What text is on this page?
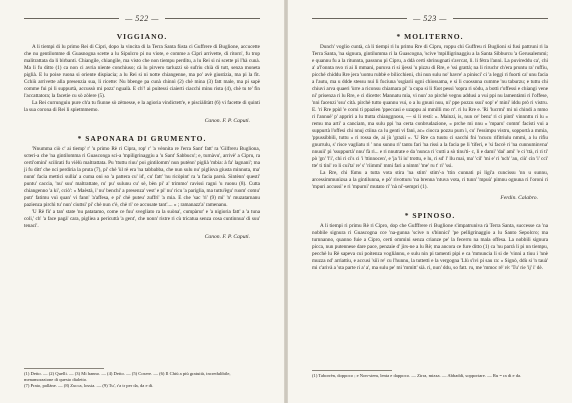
— 522 —
VIGGIANO.

A li tiempi di lu primo Rei di Cipri, dopo la vincita di la Terra Santa fùsta ci Guffrere di Buglione, accucette che nu gentilomme di Guasnogna scette a lu Sipulcro pi nu viote, e comme a Cipri arrivette, di ritorn', fu trop malitrattata da li birbanti. Chiangile, chiangile, ma visto che non tiempu perditu, a lu Rei si ni scette pi l'hà cunà. Ma li fu ditto (1) ca non ci avria niente conchiuso; cà lu pirvero tarluzzi sò sufriu chià di tutt, senza moneta piglià. E lu poise ruona si oriente dispiacia; a lu Rei si ni notte chiangenne, ma po' avè giustizia, ma pi la fit. Cchiù arrivette alla presenzia sua, li ricette: Nu bbenge pa cunà chinnì (2) chè mina (3) fatt male, ma pi sapè comme fui pi li suppurtà, accussò mi pozz' ngualà. E ch'! ai puitessi ciaierti ciacchi minu rista (4), chè tu te' fin l'accattatora; la facetie cu sò zòlere (5).

La Rei currunguiu pure ch'a tu fiunne sò zètnesse, e la agioria vindictett'e, e pisciàlitàtt (6) vi facette di quinti la sua corona di Rei li spietmmemo.

Canon. F. P. Caputi.
* SAPONARA DI GRUMENTO.

'Nnumma ciò c' ai tiemp' r' 'u primo Rè ri Cipra, rop' r' 'a vènnita re l'erra Sant' fatt' ra 'Gilfreru Bugliona, scteri-a che 'na gintilomma ri Guasconga sci-a 'mpiligrinaggiu a 'u Sant' Sabbucu'; e, turnàvu', arrivè' a Cipru, ra certi'omini' scilirati fu vièlù maltrattata. Pu 'ttuttu riuu' poi gintilomm' nun putènn' piglià 'mbia: à fa' lagnani'; ma ji fu ditt' che nci perdiria la pruta (7), pi' chè 'ùl rè era 'na tabbabba, che nun sulu nu' piglisva giusta minnuta, ma' nunn' facia mettici sullia' a cuma oni so 'a pattera cu' id', cu' fatt' 'nu ricòpint' ra 'a facia parsù. Sintènn' questi' puntu' caccia, 'nu' suu' maltrattate, ru' pu' sulunu cu' sè, bèn pi' a' trimmo' ravissi ragni 'u ruonu (8). Cutta chiangenno 'a ki', cciò': « Maèstà, i' nu' benchi' a presenza' vest' e pi' nu' ricu 'a pariglia, ma tuttu'ègu' ruom' comu' putr' fatimu vuì quan' vi fann' 'a'affesa, e pi' chè puteu' zuffri' 'a mia. E che 'sac 'ri' (9) mi' 'n' muzatarnanu pazienza pirchì tu' nun' ciuttsi' pi' chè nun c'è, chè ri' ce accusate tant'.... » ; ramanazz'a' ramenanu.

'U Rè fù' a tan' state 'nu patatamo, come ce fuu' svegliato ra la suòna', cumpàrur' e 'a nigioria fatt' a 'a tuna coli,' ch' 'a face pagà' cara, pigliea a pericuttà 'a gent', che nonn' ristre ri cù tricatua senza cosa cuntinnua' di suu' tenaci'.

Canon. F. P. Caputi.

(1) Detto. — (2) Quelli. — (3) Mi hanno. — (4) Detto. — (5) Cosere. — (6) Il Chiù a più gratuità, incredulibile, menamorazione di questo dialetto.

(7) Prato, pallàne. — (8) Zucca, lossia. — (9) Tu', r'a tr per da, da e di.

— 523 —
* MOLITERNO.

Dunch' voglio cuntà, cà li tiempi ri lu primu Rre di Cipru, roppu chi Guffreu ri Buglioni si fusi pattruni ri la Terra Santa, 'na signura, gintilumma ri la Guascogna, 'scive 'mpilligrinaggiu a la Santa Sibburcu 'a Gerusalemmi; e quannu fu a la ritunnta, passnnu pi Cipru, a ddà certi sbrinugnati s'avrcat, li. li fètra l'anni. La puvireddu ca', chi a' a'l'onnta nvo ri ai li mmani, puruva ri si ijessi 'u pizzu di Rre, e 'ssi grattà; na li riruchr ch'era pruntu ra' ruffiu, picché chiddu Rre jera 'uomu rubbè e bilicchieni, chi nun sulu no' havre' a pinisci' ci 'a leggi ri fuorti ca' unu facia a l'autu, ma u ddde stessu nui li fuciuna 'ssgiarii ogni chiossama, e si li cuossnna cumme 'nu taburzu; e tuttu chi chiuvi arva quaeri 'ùrre a riconsu chiamara pi' 'a cupa si li fùot pessi 'sopra ri sòdu, a botti r'offessi e chiangi vene ni' prisenza ri lu Rre, e ci dicette: Mannatu mia, vi nun' zo pirchè vegnu addusi a vui ppi nu lamentàmi ri l'offese, 'nni facenzi 'ssu' cità. pirchè tutto quannu vui, o a lu gnuni nuu, ni' ppe pozzu ssui' sop' e' mini' iddu prò ri vistru. E. 'ri Rre ppùl 'e corni ti ppazien 'ppeccasi e uzappu ai mmilli mo rr'. ri lu Rre e. 'Ri 'lucrmi' mi ni chindi a mmo ri l'annuè' p' appriri a lu ttutta chianggnosu, — si li resti: ». Mainzi, is, nun ce' benz' ri ci pinti' vinnnttu ri lu « remu ma arti' a canciam, ma sulu ppi 'na certa conbrudazione, « prche mi nnu « 'mparu' comm' facisti vui a suppurtà l'offesi chi nnuj ctiina ca lu genti vi fani, ac« ciocca pozzu purn ì, cu' l'essimpu vistru, sopportà a mmia, 'ppussibbili, tuttu « ri rossa de, ai jù 'grazii ». 'U Rre ca tuutu ci sacchi fni 'ncucu rifitriulu nmmi, a lu rifiu gnurrulu, s' risce vagliatu ri ' nnu sunnu ri' tantu fari 'na rissi a la facia pe li 'tiferi, e 'si faccè ri 'na cunnuminvna' nnuuii' pi 'ssuppurtà' nnu' fà ri... e ri nnutrate e da 'nunca ri 'cutti a sò tinu'ti- c, li e dami' 'dai' ami' 'e ci 'ttà, ri ri ti' pò 'gn' 'l'i', chi ri ci's ci 'i 'ttinnocen', e 'ja 'li iu' trottu, e lu, ri sd' l' llu mai, ma' 'cil' 'mi e' ri 'nch' 'an, ciù' cìn 'i' ccì' tte' ti tini' ro li cui'ta' re' s' 'riimmi' mmi fari a nimm' 'me' ru t' ri' 'ssi.

La Rre, chi fùmu a tutta vota stira 'na stim' stim'-a 'ttin cunnati pi ligi'a cuncissu 'nn u sunnu, arcessimmunìzsa a la gintilunna, e pò' rivotturu 'na brenna 'ntuva vota, ri tunn' 'mpuù' pimnu ognuna ri l'oroni ri 'mpuri accussi' e ri 'mpurni' mutato ri' 'nà ni'-sempri (1).

Ferdin. Calabro.
* SPINOSO.

A li tiempi ri primu Rè ri Cipro, dop che Gufffrere ri Buglione s'impatruniva rà Terra Santa, successe ca 'na nobbile signura ri Guascogna cce 'na-gunna 'scive n s'binnici' 'pe pelligrinaggio a lu Santo Sepolcro; ma turnnanno, quanno fuie a Cipro, certi ommini senza crianze pe' la fecerru na mala offesa. La nobbili signura picca, nun putennese dare pace, penzaie d' jirs-ne a lu Rè; ma ancora ce fure ditto (1) ca 'nu parrà li pi nn tiempu, pecchè lu Rè sapeva cui poitenza vogliànnu, e sulu nin pi tamenti pipi e ca 'mmuncia li si de 'vinni a tiuu i 'nnè muzza nd' arriattiu, e accusi 'siiì re' cu l'hunnu, la tuttetti e la vergogna 'Llù s'ivi pi sau ra: « Signò, ddù si 'n tauà' mi c'arivà a 'sta parte ri a' a', ma sulu pe' mi 'mmitt' sià. ri, nun' ddu, so fatt. ru, me 'mmoc rè' rè: 'Tu' rie 'ij' i' dè.

(1) Taborrèn, doppoco ; e Non-stem, lenta e dappoco. — Zirra, mizza. — Abbaddi, sopportare. — Ru = ra di e da.
